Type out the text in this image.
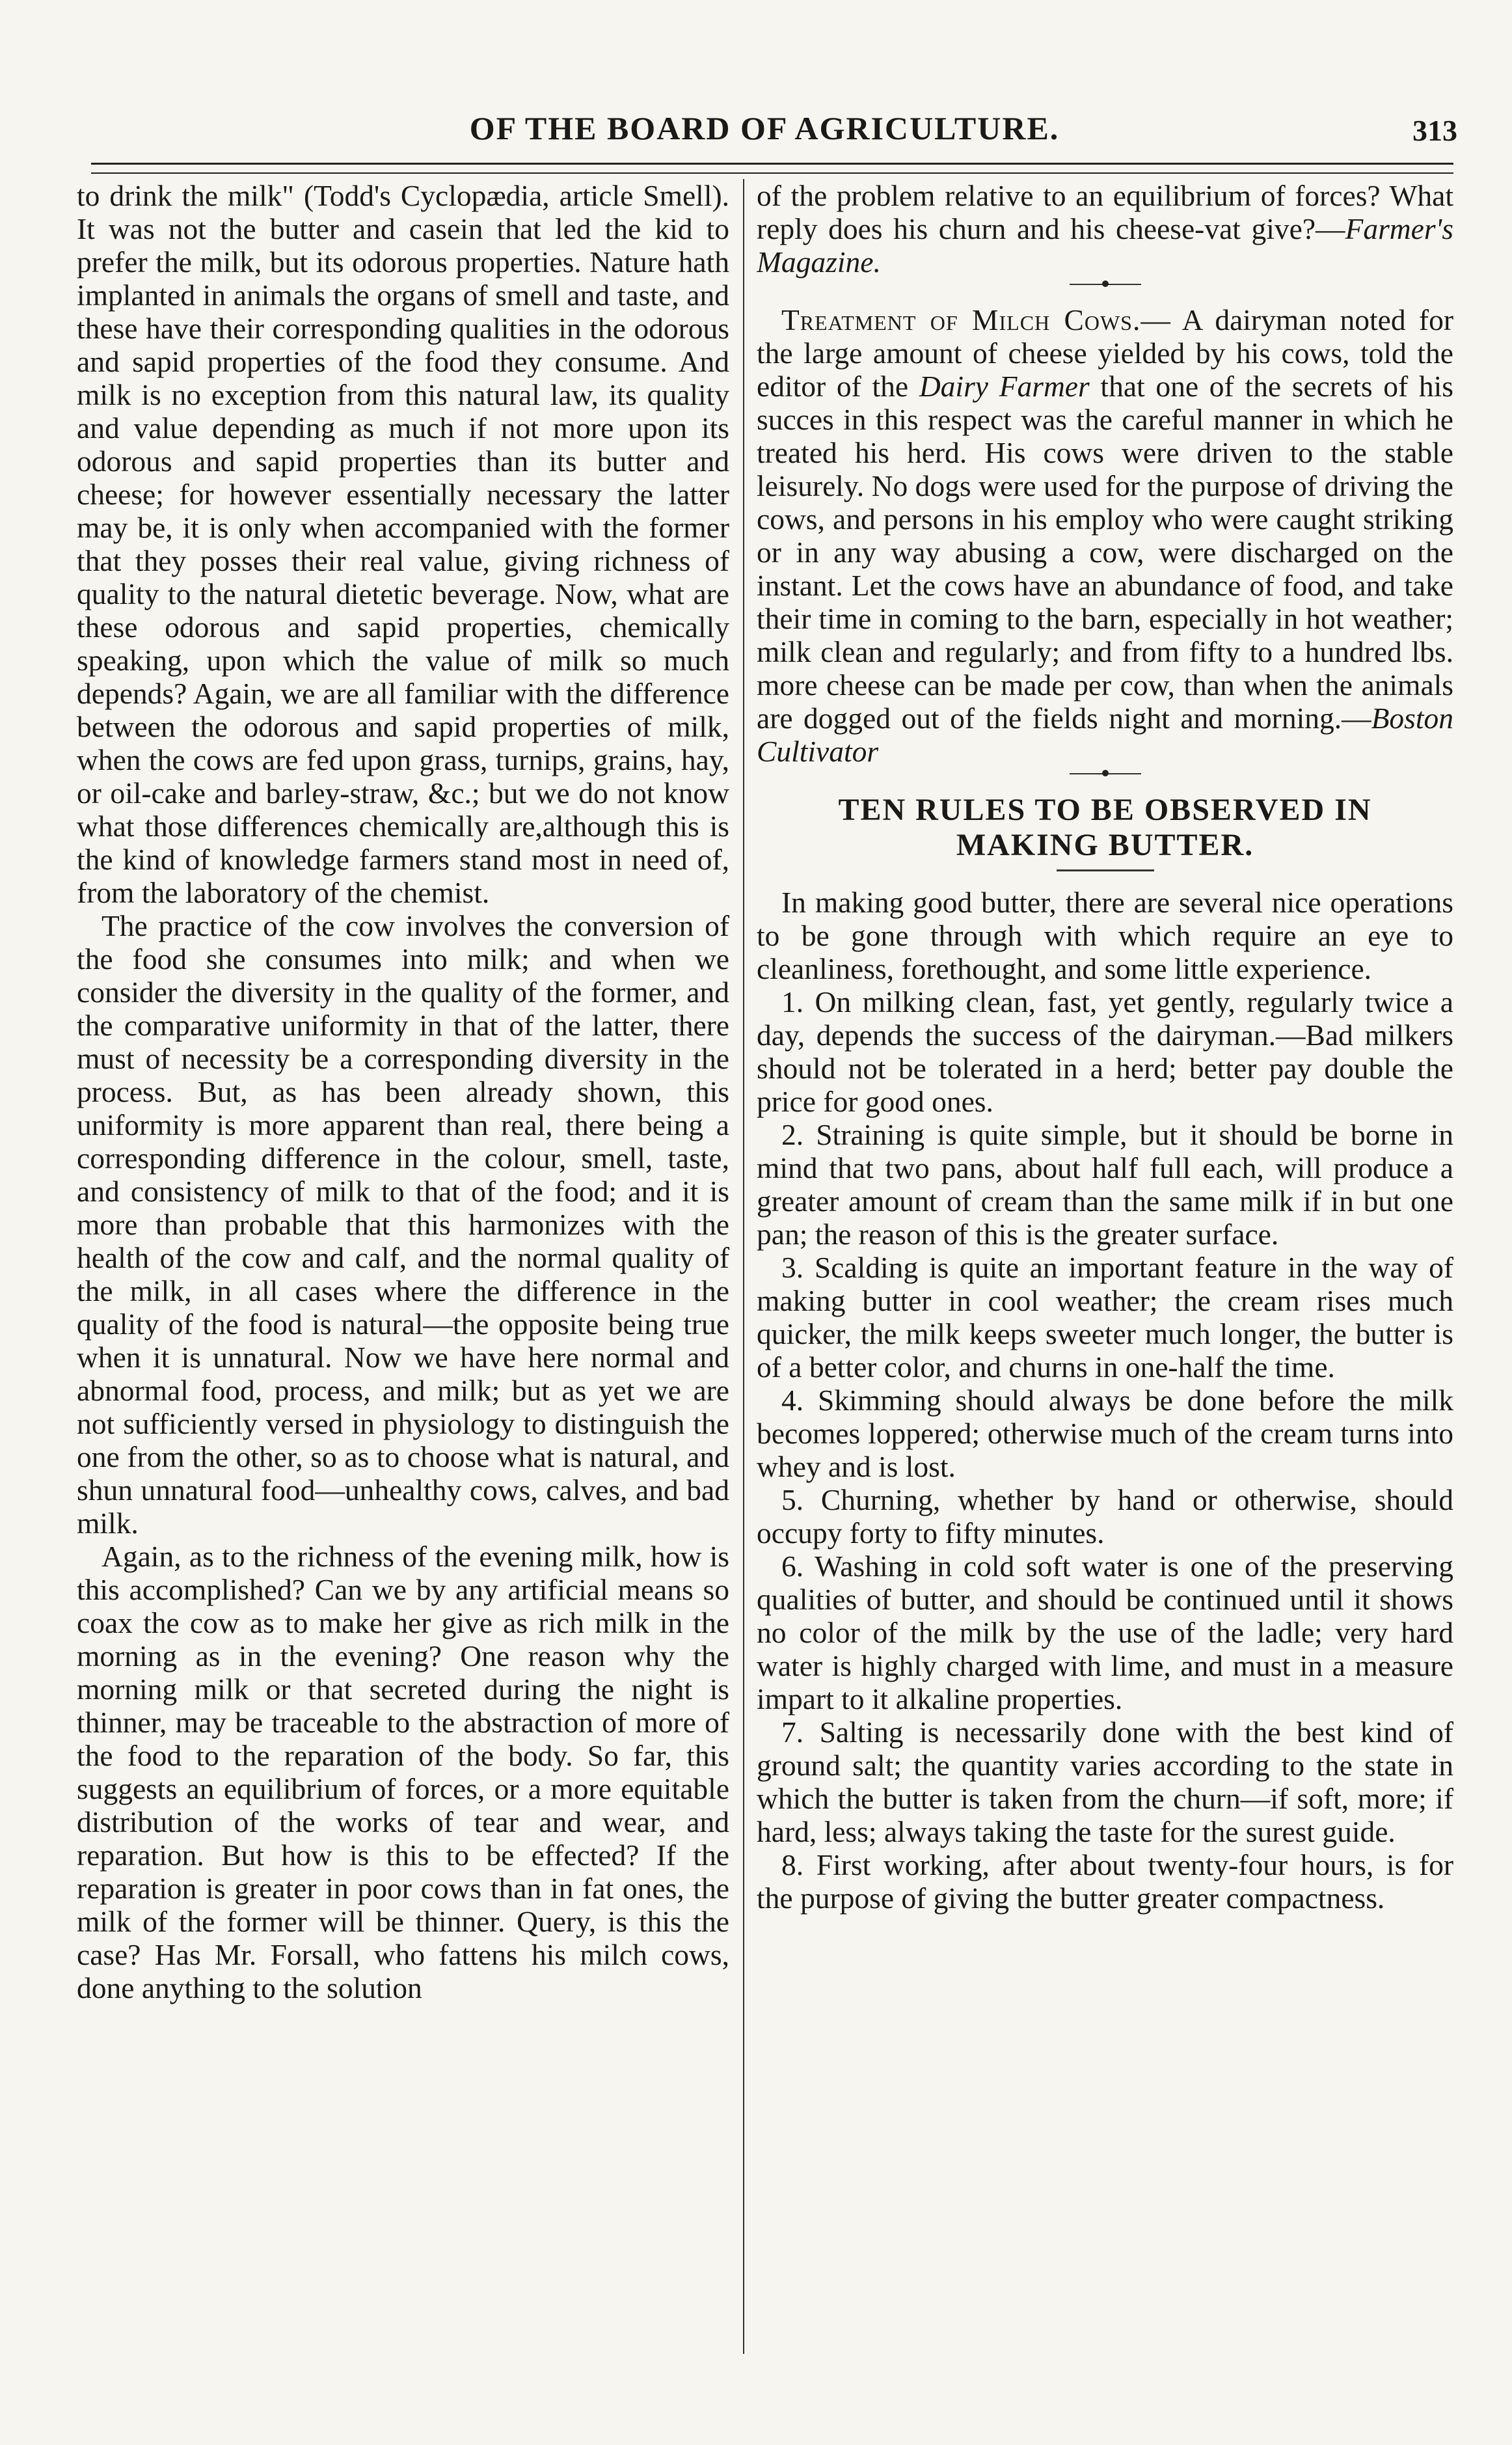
OF THE BOARD OF AGRICULTURE.	313

to drink the milk" (Todd's Cyclopædia, article Smell). It was not the butter and casein that led the kid to prefer the milk, but its odorous properties. Nature hath implanted in animals the organs of smell and taste, and these have their corresponding qualities in the odorous and sapid properties of the food they consume. And milk is no exception from this natural law, its quality and value depending as much if not more upon its odorous and sapid properties than its butter and cheese; for however essentially necessary the latter may be, it is only when accompanied with the former that they posses their real value, giving richness of quality to the natural dietetic beverage. Now, what are these odorous and sapid properties, chemically speaking, upon which the value of milk so much depends? Again, we are all familiar with the difference between the odorous and sapid properties of milk, when the cows are fed upon grass, turnips, grains, hay, or oil-cake and barley-straw, &c.; but we do not know what those differences chemically are,although this is the kind of knowledge farmers stand most in need of, from the laboratory of the chemist.

The practice of the cow involves the conversion of the food she consumes into milk; and when we consider the diversity in the quality of the former, and the comparative uniformity in that of the latter, there must of necessity be a corresponding diversity in the process. But, as has been already shown, this uniformity is more apparent than real, there being a corresponding difference in the colour, smell, taste, and consistency of milk to that of the food; and it is more than probable that this harmonizes with the health of the cow and calf, and the normal quality of the milk, in all cases where the difference in the quality of the food is natural—the opposite being true when it is unnatural. Now we have here normal and abnormal food, process, and milk; but as yet we are not sufficiently versed in physiology to distinguish the one from the other, so as to choose what is natural, and shun unnatural food—unhealthy cows, calves, and bad milk.

Again, as to the richness of the evening milk, how is this accomplished? Can we by any artificial means so coax the cow as to make her give as rich milk in the morning as in the evening? One reason why the morning milk or that secreted during the night is thinner, may be traceable to the abstraction of more of the food to the reparation of the body. So far, this suggests an equilibrium of forces, or a more equitable distribution of the works of tear and wear, and reparation. But how is this to be effected? If the reparation is greater in poor cows than in fat ones, the milk of the former will be thinner. Query, is this the case? Has Mr. Forsall, who fattens his milch cows, done anything to the solution

of the problem relative to an equilibrium of forces? What reply does his churn and his cheese-vat give?—Farmer's Magazine.

Treatment of Milch Cows.— A dairyman noted for the large amount of cheese yielded by his cows, told the editor of the Dairy Farmer that one of the secrets of his succes in this respect was the careful manner in which he treated his herd. His cows were driven to the stable leisurely. No dogs were used for the purpose of driving the cows, and persons in his employ who were caught striking or in any way abusing a cow, were discharged on the instant. Let the cows have an abundance of food, and take their time in coming to the barn, especially in hot weather; milk clean and regularly; and from fifty to a hundred lbs. more cheese can be made per cow, than when the animals are dogged out of the fields night and morning.—Boston Cultivator

TEN RULES TO BE OBSERVED IN
MAKING BUTTER.

In making good butter, there are several nice operations to be gone through with which require an eye to cleanliness, forethought, and some little experience.

1. On milking clean, fast, yet gently, regularly twice a day, depends the success of the dairyman.—Bad milkers should not be tolerated in a herd; better pay double the price for good ones.

2. Straining is quite simple, but it should be borne in mind that two pans, about half full each, will produce a greater amount of cream than the same milk if in but one pan; the reason of this is the greater surface.

3. Scalding is quite an important feature in the way of making butter in cool weather; the cream rises much quicker, the milk keeps sweeter much longer, the butter is of a better color, and churns in one-half the time.

4. Skimming should always be done before the milk becomes loppered; otherwise much of the cream turns into whey and is lost.

5. Churning, whether by hand or otherwise, should occupy forty to fifty minutes.

6. Washing in cold soft water is one of the preserving qualities of butter, and should be continued until it shows no color of the milk by the use of the ladle; very hard water is highly charged with lime, and must in a measure impart to it alkaline properties.

7. Salting is necessarily done with the best kind of ground salt; the quantity varies according to the state in which the butter is taken from the churn—if soft, more; if hard, less; always taking the taste for the surest guide.

8. First working, after about twenty-four hours, is for the purpose of giving the butter greater compactness.
